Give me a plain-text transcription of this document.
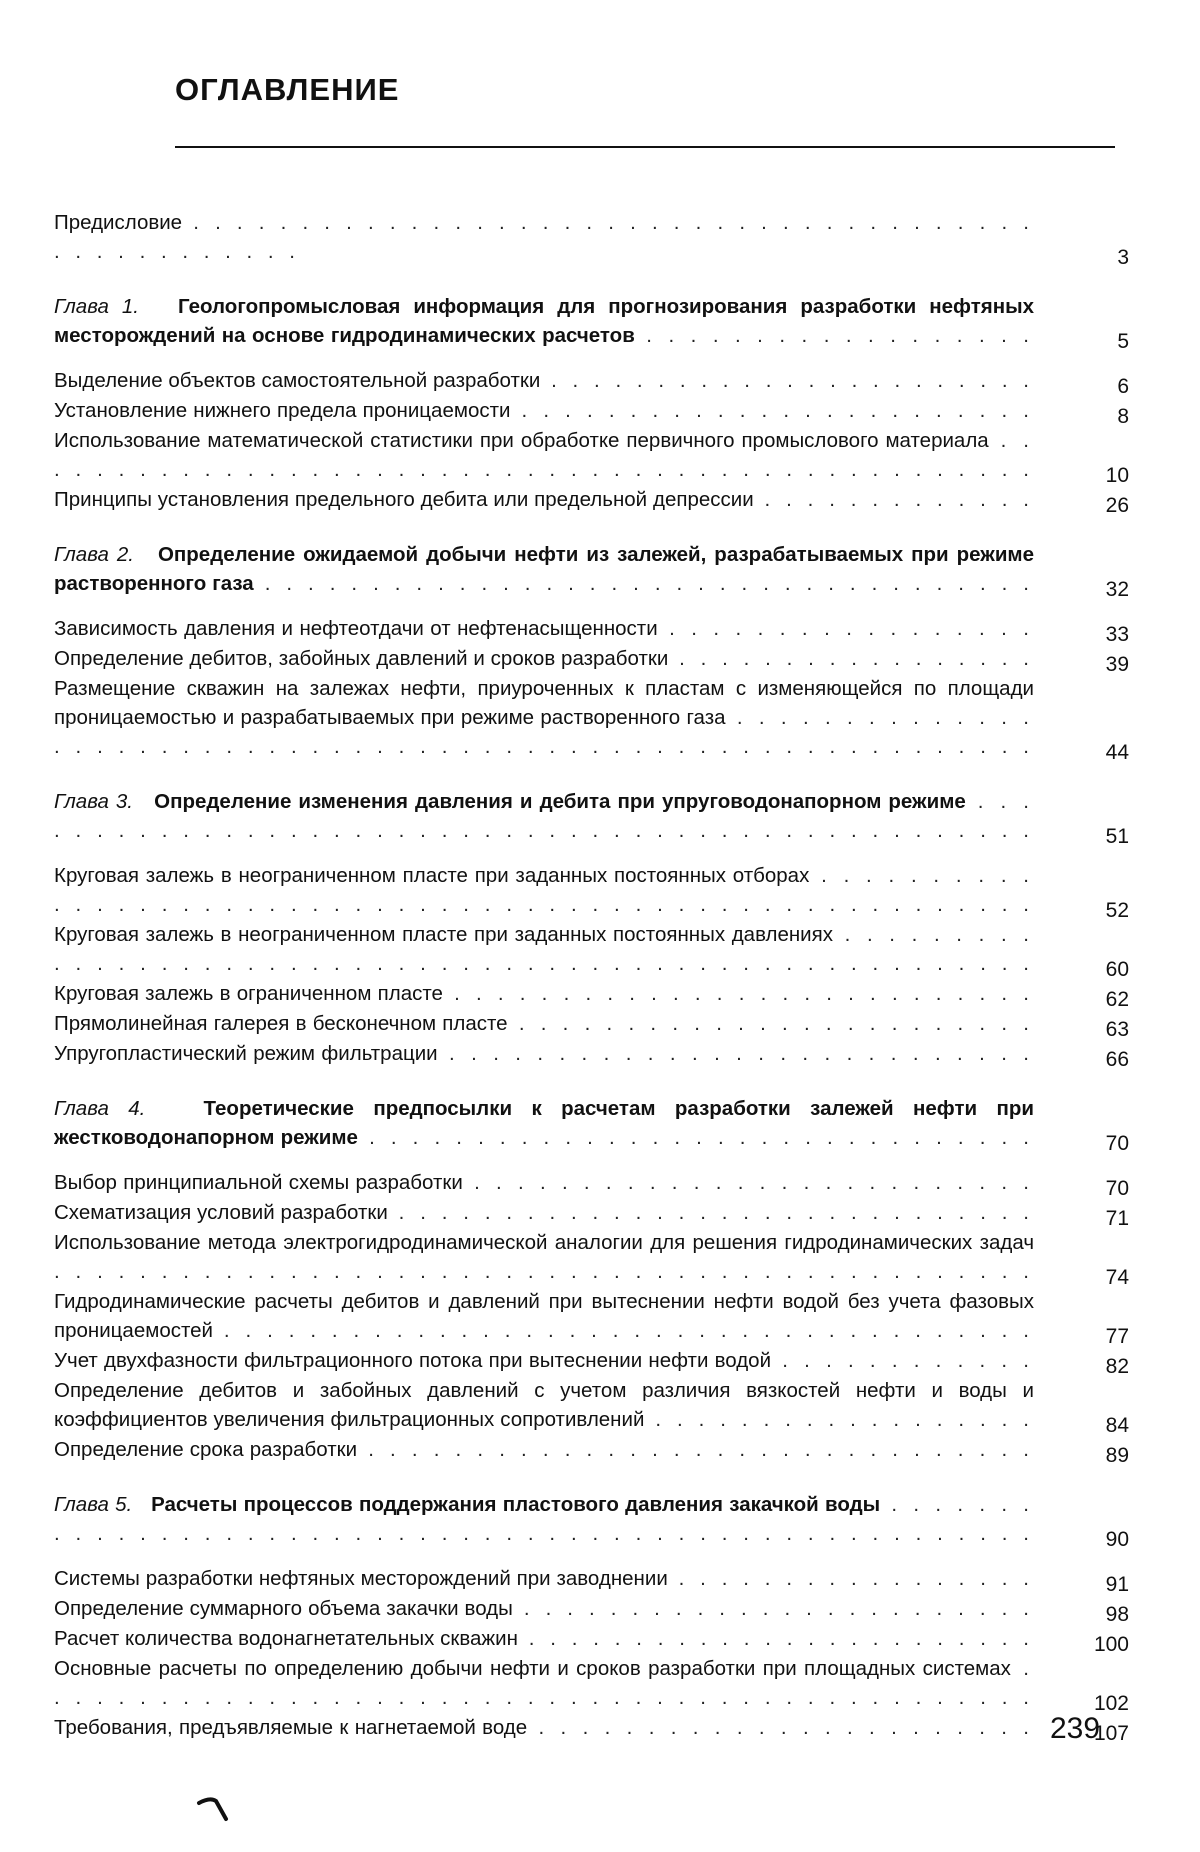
ОГЛАВЛЕНИЕ
Предисловие . . . . . . . . . . . . . . . . . . . . . . . . . . . . . . . . . . . . . . . . . . . . . . . . . . .	3
Глава 1. Геологопромысловая информация для прогнозирования разработки нефтяных месторождений на основе гидродинамических расчетов . . . . . . . . . . . . . . . . . .	5
Выделение объектов самостоятельной разработки . . . . . . . . . . . . . . . . . . . . . . .	6
Установление нижнего предела проницаемости . . . . . . . . . . . . . . . . . . . . . . . .	8
Использование математической статистики при обработке первичного промыслового материала . . . . . . . . . . . . . . . . . . . . . . . . . . . . . . . . . . . . . . . . . . . . . . . .	10
Принципы установления предельного дебита или предельной депрессии . . . . . . . . . . . . .	26
Глава 2. Определение ожидаемой добычи нефти из залежей, разрабатываемых при режиме растворенного газа . . . . . . . . . . . . . . . . . . . . . . . . . . . . . . . . . . . .	32
Зависимость давления и нефтеотдачи от нефтенасыщенности . . . . . . . . . . . . . . . . .	33
Определение дебитов, забойных давлений и сроков разработки . . . . . . . . . . . . . . . . .	39
Размещение скважин на залежах нефти, приуроченных к пластам с изменяющейся по площади проницаемостью и разрабатываемых при режиме растворенного газа . . . . . . . . . . . . . . . . . . . . . . . . . . . . . . . . . . . . . . . . . . . . . . . . . . . . . . . . . . . .	44
Глава 3. Определение изменения давления и дебита при упруговодонапорном режиме . . . . . . . . . . . . . . . . . . . . . . . . . . . . . . . . . . . . . . . . . . . . . . . . .	51
Круговая залежь в неограниченном пласте при заданных постоянных отборах . . . . . . . . . . . . . . . . . . . . . . . . . . . . . . . . . . . . . . . . . . . . . . . . . . . . . . . .	52
Круговая залежь в неограниченном пласте при заданных постоянных давлениях . . . . . . . . . . . . . . . . . . . . . . . . . . . . . . . . . . . . . . . . . . . . . . . . . . . . . . .	60
Круговая залежь в ограниченном пласте . . . . . . . . . . . . . . . . . . . . . . . . . . .	62
Прямолинейная галерея в бесконечном пласте . . . . . . . . . . . . . . . . . . . . . . . .	63
Упругопластический режим фильтрации . . . . . . . . . . . . . . . . . . . . . . . . . . .	66
Глава 4.	Теоретические предпосылки к расчетам разработки залежей нефти при жестководонапорном режиме . . . . . . . . . . . . . . . . . . . . . . . . . . . . . . .	70
Выбор принципиальной схемы разработки . . . . . . . . . . . . . . . . . . . . . . . . . .	70
Схематизация условий разработки . . . . . . . . . . . . . . . . . . . . . . . . . . . . . .	71
Использование метода электрогидродинамической аналогии для решения гидродинамических задач . . . . . . . . . . . . . . . . . . . . . . . . . . . . . . . . . . . . . . . . . . . . . .	74
Гидродинамические расчеты дебитов и давлений при вытеснении нефти водой без учета фазовых проницаемостей . . . . . . . . . . . . . . . . . . . . . . . . . . . . . . . . . . . . . .	77
Учет двухфазности фильтрационного потока при вытеснении нефти водой . . . . . . . . . . . .	82
Определение дебитов и забойных давлений с учетом различия вязкостей нефти и воды и коэффициентов увеличения фильтрационных сопротивлений . . . . . . . . . . . . . . . . . .	84
Определение срока разработки . . . . . . . . . . . . . . . . . . . . . . . . . . . . . . .	89
Глава 5. Расчеты процессов поддержания пластового давления закачкой воды . . . . . . . . . . . . . . . . . . . . . . . . . . . . . . . . . . . . . . . . . . . . . . . . . . . . .	90
Системы разработки нефтяных месторождений при заводнении . . . . . . . . . . . . . . . . .	91
Определение суммарного объема закачки воды . . . . . . . . . . . . . . . . . . . . . . . .	98
Расчет количества водонагнетательных скважин . . . . . . . . . . . . . . . . . . . . . . . .	100
Основные расчеты по определению добычи нефти и сроков разработки при площадных системах . . . . . . . . . . . . . . . . . . . . . . . . . . . . . . . . . . . . . . . . . . . . . . .	102
Требования, предъявляемые к нагнетаемой воде . . . . . . . . . . . . . . . . . . . . . . .	107
239
